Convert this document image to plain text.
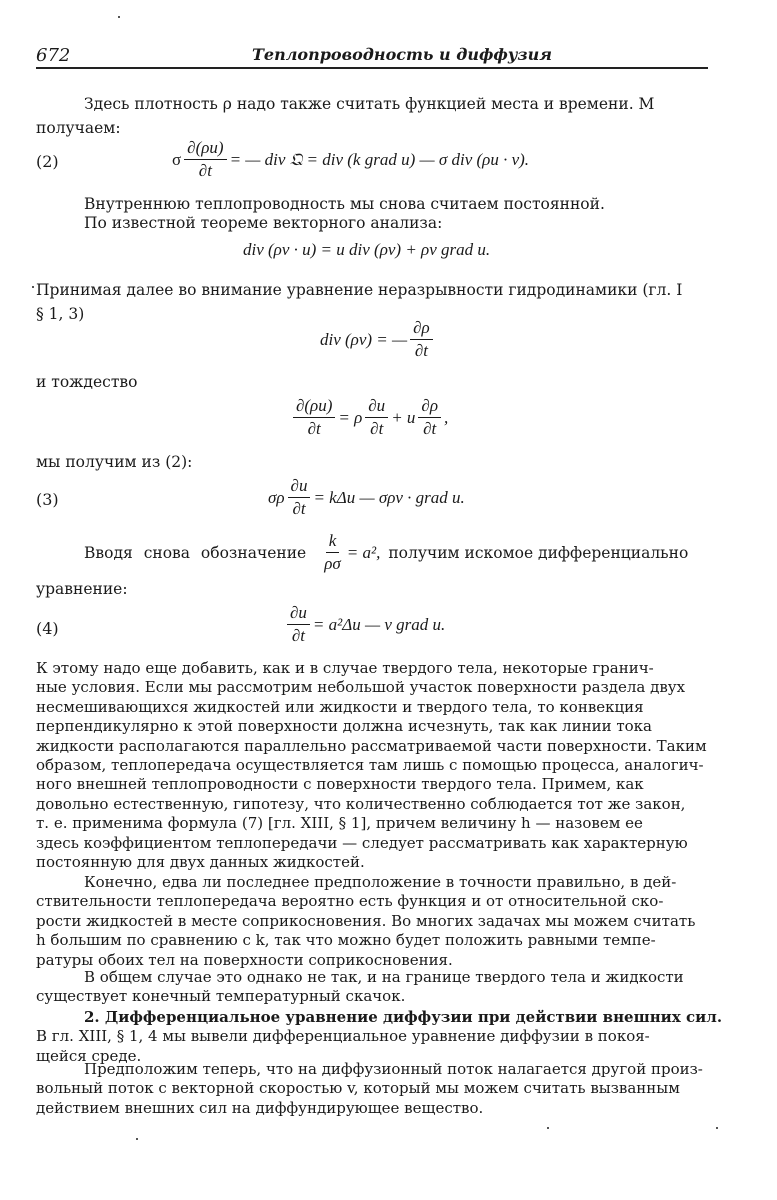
672	Теплопроводность и диффузия
Здесь плотность ρ надо также считать функцией места и времени. М
получаем:
(2)	σ $\frac{\partial(\rho u)}{\partial t}$ = — div 𝔔 = div (k grad u) — σ div (ρu · v).
Внутреннюю теплопроводность мы снова считаем постоянной.
По известной теореме векторного анализа:
div (ρv · u) = u div (ρv) + ρv grad u.
Принимая далее во внимание уравнение неразрывности гидродинамики (гл. I
§ 1, 3)
div (ρv) = — $\frac{\partial\rho}{\partial t}$
и тождество
$\frac{\partial(\rho u)}{\partial t} = \rho \frac{\partial u}{\partial t} + u \frac{\partial\rho}{\partial t}$ ,
мы получим из (2):
(3)	σρ $\frac{\partial u}{\partial t} = k\Delta u$ — σρv · grad u.
Вводя снова обозначение $\frac{k}{\rho\sigma} = a^2$, получим искомое дифференциально
уравнение:
(4)	$\frac{\partial u}{\partial t} = a^2\Delta u$ — v grad u.
К этому надо еще добавить, как и в случае твердого тела, некоторые гранич-
ные условия. Если мы рассмотрим небольшой участок поверхности раздела двух
несмешивающихся жидкостей или жидкости и твердого тела, то конвекция
перпендикулярно к этой поверхности должна исчезнуть, так как линии тока
жидкости располагаются параллельно рассматриваемой части поверхности. Таким
образом, теплопередача осуществляется там лишь с помощью процесса, аналогич-
ного внешней теплопроводности с поверхности твердого тела. Примем, как
довольно естественную, гипотезу, что количественно соблюдается тот же закон,
т. е. применима формула (7) [гл. XIII, § 1], причем величину h — назовем ее
здесь коэффициентом теплопередачи — следует рассматривать как характерную
постоянную для двух данных жидкостей.
Конечно, едва ли последнее предположение в точности правильно, в дей-
ствительности теплопередача вероятно есть функция и от относительной ско-
рости жидкостей в месте соприкосновения. Во многих задачах мы можем считать
h большим по сравнению с k, так что можно будет положить равными темпе-
ратуры обоих тел на поверхности соприкосновения.
В общем случае это однако не так, и на границе твердого тела и жидкости
существует конечный температурный скачок.
2. Дифференциальное уравнение диффузии при действии внешних сил.
В гл. XIII, § 1, 4 мы вывели дифференциальное уравнение диффузии в покоя-
щейся среде.
Предположим теперь, что на диффузионный поток налагается другой произ-
вольный поток с векторной скоростью v, который мы можем считать вызванным
действием внешних сил на диффундирующее вещество.
